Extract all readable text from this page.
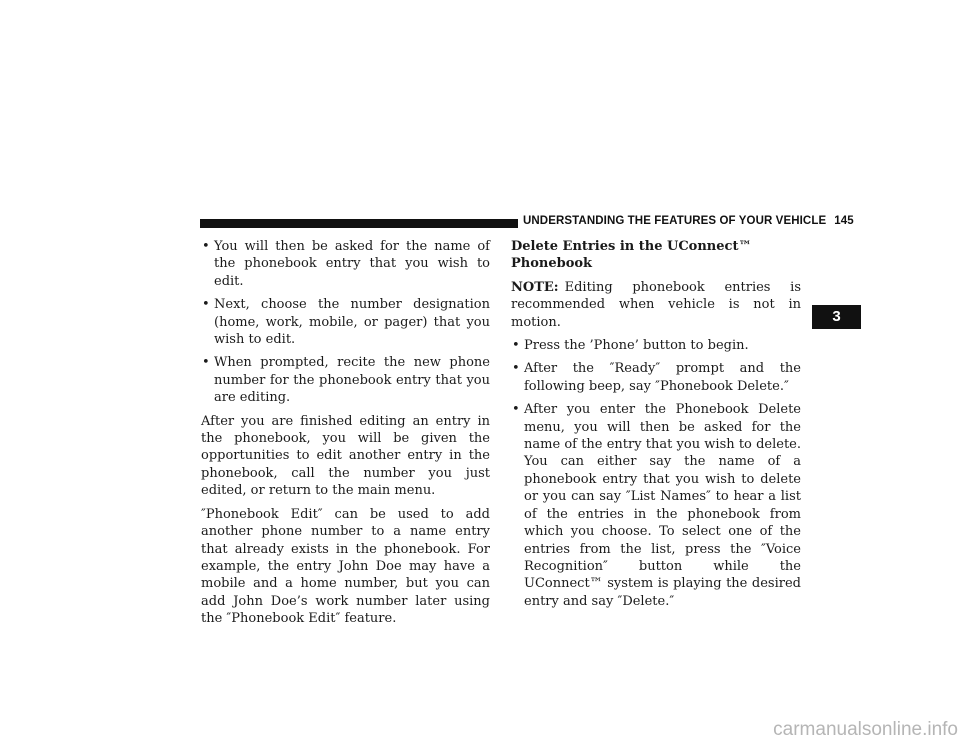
UNDERSTANDING THE FEATURES OF YOUR VEHICLE 145
• You will then be asked for the name of the phonebook entry that you wish to edit.
• Next, choose the number designation (home, work, mobile, or pager) that you wish to edit.
• When prompted, recite the new phone number for the phonebook entry that you are editing.

After you are finished editing an entry in the phonebook, you will be given the opportunities to edit another entry in the phonebook, call the number you just edited, or return to the main menu.

″Phonebook Edit″ can be used to add another phone number to a name entry that already exists in the phonebook. For example, the entry John Doe may have a mobile and a home number, but you can add John Doe’s work number later using the ″Phonebook Edit″ feature.

Delete Entries in the UConnect™ Phonebook

NOTE: Editing phonebook entries is recommended when vehicle is not in motion.

• Press the ’Phone’ button to begin.
• After the ″Ready″ prompt and the following beep, say ″Phonebook Delete.″
• After you enter the Phonebook Delete menu, you will then be asked for the name of the entry that you wish to delete. You can either say the name of a phonebook entry that you wish to delete or you can say ″List Names″ to hear a list of the entries in the phonebook from which you choose. To select one of the entries from the list, press the ″Voice Recognition″ button while the UConnect™ system is playing the desired entry and say ″Delete.″
3
carmanualsonline.info
